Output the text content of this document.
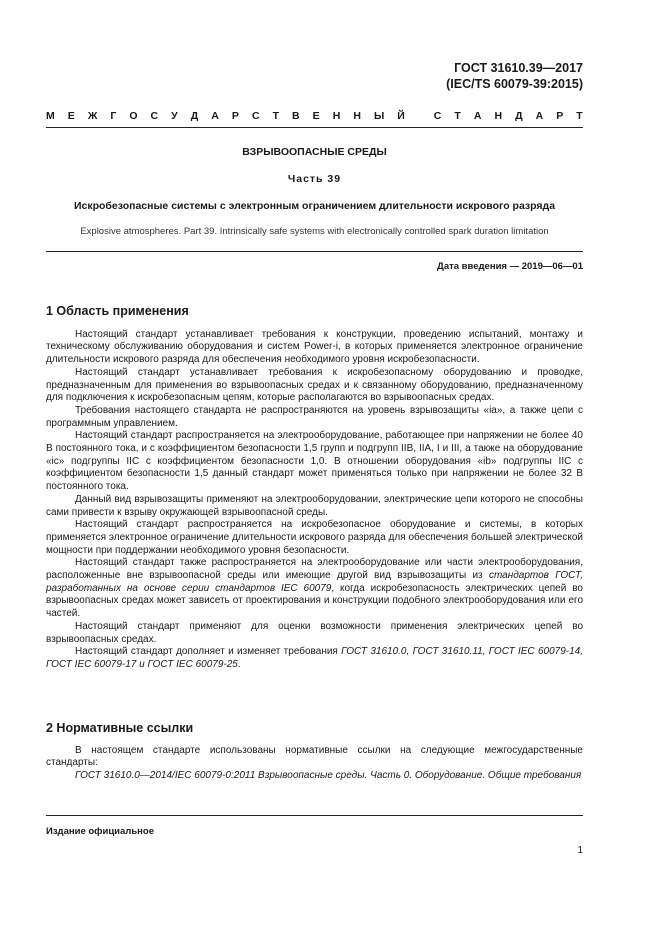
ГОСТ 31610.39—2017
(IEC/TS 60079-39:2015)
М Е Ж Г О С У Д А Р С Т В Е Н Н Ы Й
	С Т А Н Д А Р Т
ВЗРЫВООПАСНЫЕ СРЕДЫ
Часть 39
Искробезопасные системы с электронным ограничением длительности искрового разряда
Explosive atmospheres. Part 39. Intrinsically safe systems with electronically controlled spark duration limitation
Дата введения — 2019—06—01
1 Область применения

Настоящий стандарт устанавливает требования к конструкции, проведению испытаний, монтажу и техническому обслуживанию оборудования и систем Power-i, в которых применяется электронное ограничение длительности искрового разряда для обеспечения необходимого уровня искробезопасности.

Настоящий стандарт устанавливает требования к искробезопасному оборудованию и проводке, предназначенным для применения во взрывоопасных средах и к связанному оборудованию, предназначенному для подключения к искробезопасным цепям, которые располагаются во взрывоопасных средах.

Требования настоящего стандарта не распространяются на уровень взрывозащиты «ia», а также цепи с программным управлением.

Настоящий стандарт распространяется на электрооборудование, работающее при напряжении не более 40 В постоянного тока, и с коэффициентом безопасности 1,5 групп и подгрупп IIB, IIA, I и III, а также на оборудование «ic» подгруппы IIC с коэффициентом безопасности 1,0. В отношении оборудования «ib» подгруппы IIC с коэффициентом безопасности 1,5 данный стандарт может применяться только при напряжении не более 32 В постоянного тока.

Данный вид взрывозащиты применяют на электрооборудовании, электрические цепи которого не способны сами привести к взрыву окружающей взрывоопасной среды.

Настоящий стандарт распространяется на искробезопасное оборудование и системы, в которых применяется электронное ограничение длительности искрового разряда для обеспечения большей электрической мощности при поддержании необходимого уровня безопасности.

Настоящий стандарт также распространяется на электрооборудование или части электрооборудования, расположенные вне взрывоопасной среды или имеющие другой вид взрывозащиты из стандартов ГОСТ, разработанных на основе серии стандартов IEC 60079, когда искробезопасность электрических цепей во взрывоопасных средах может зависеть от проектирования и конструкции подобного электрооборудования или его частей.

Настоящий стандарт применяют для оценки возможности применения электрических цепей во взрывоопасных средах.

Настоящий стандарт дополняет и изменяет требования ГОСТ 31610.0, ГОСТ 31610.11, ГОСТ IEC 60079-14, ГОСТ IEC 60079-17 и ГОСТ IEC 60079-25.

2 Нормативные ссылки

В настоящем стандарте использованы нормативные ссылки на следующие межгосударственные стандарты:

ГОСТ 31610.0—2014/IEC 60079-0:2011 Взрывоопасные среды. Часть 0. Оборудование. Общие требования

Издание официальное
1
